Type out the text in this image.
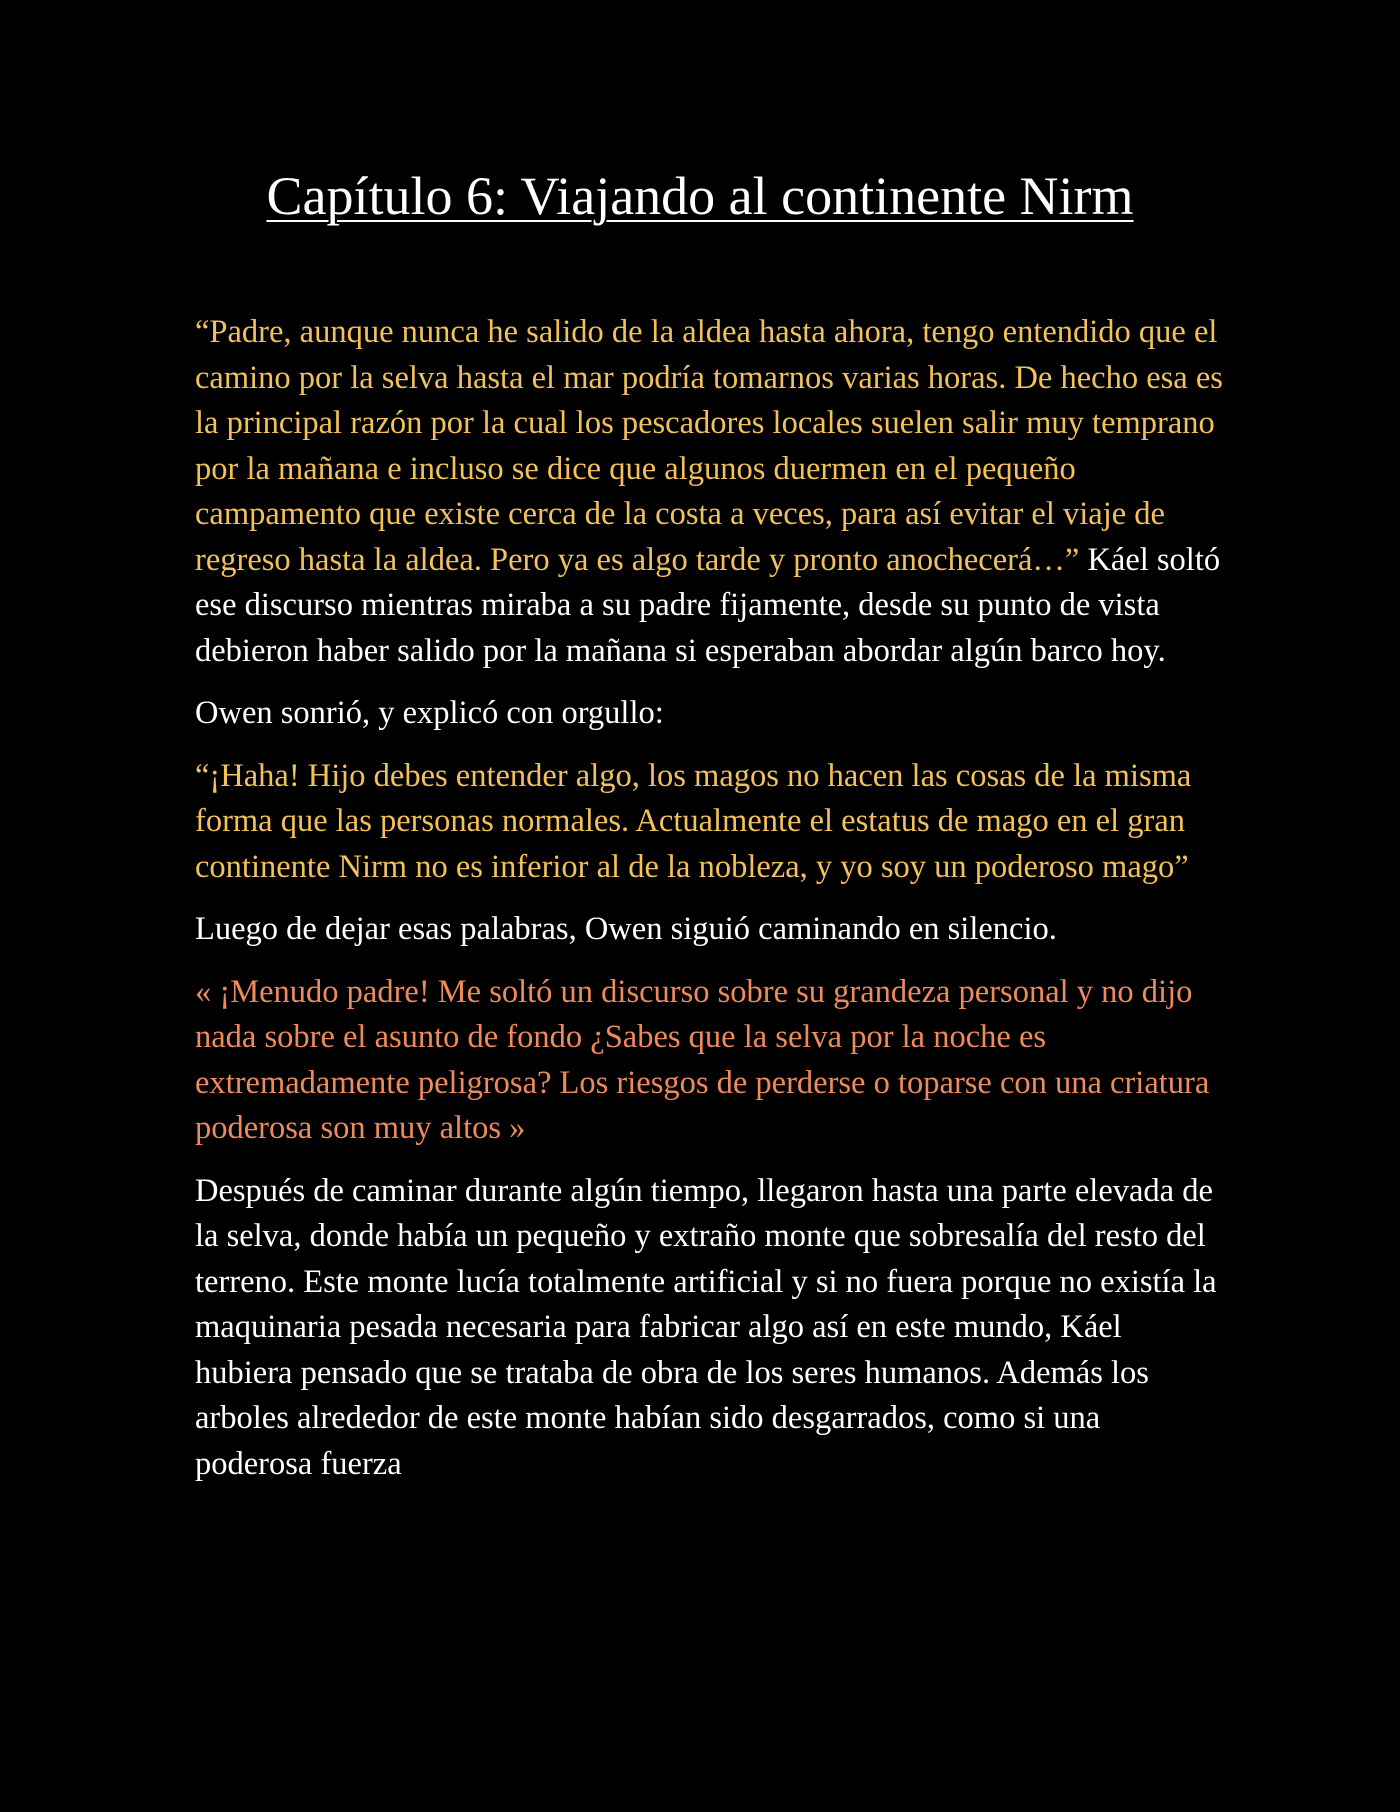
Capítulo 6: Viajando al continente Nirm

“Padre, aunque nunca he salido de la aldea hasta ahora, tengo entendido que el camino por la selva hasta el mar podría tomarnos varias horas. De hecho esa es la principal razón por la cual los pescadores locales suelen salir muy temprano por la mañana e incluso se dice que algunos duermen en el pequeño campamento que existe cerca de la costa a veces, para así evitar el viaje de regreso hasta la aldea. Pero ya es algo tarde y pronto anochecerá…” Káel soltó ese discurso mientras miraba a su padre fijamente, desde su punto de vista debieron haber salido por la mañana si esperaban abordar algún barco hoy.

Owen sonrió, y explicó con orgullo:

“¡Haha! Hijo debes entender algo, los magos no hacen las cosas de la misma forma que las personas normales. Actualmente el estatus de mago en el gran continente Nirm no es inferior al de la nobleza, y yo soy un poderoso mago”

Luego de dejar esas palabras, Owen siguió caminando en silencio.

« ¡Menudo padre! Me soltó un discurso sobre su grandeza personal y no dijo nada sobre el asunto de fondo ¿Sabes que la selva por la noche es extremadamente peligrosa? Los riesgos de perderse o toparse con una criatura poderosa son muy altos »

Después de caminar durante algún tiempo, llegaron hasta una parte elevada de la selva, donde había un pequeño y extraño monte que sobresalía del resto del terreno. Este monte lucía totalmente artificial y si no fuera porque no existía la maquinaria pesada necesaria para fabricar algo así en este mundo, Káel hubiera pensado que se trataba de obra de los seres humanos. Además los arboles alrededor de este monte habían sido desgarrados, como si una poderosa fuerza
